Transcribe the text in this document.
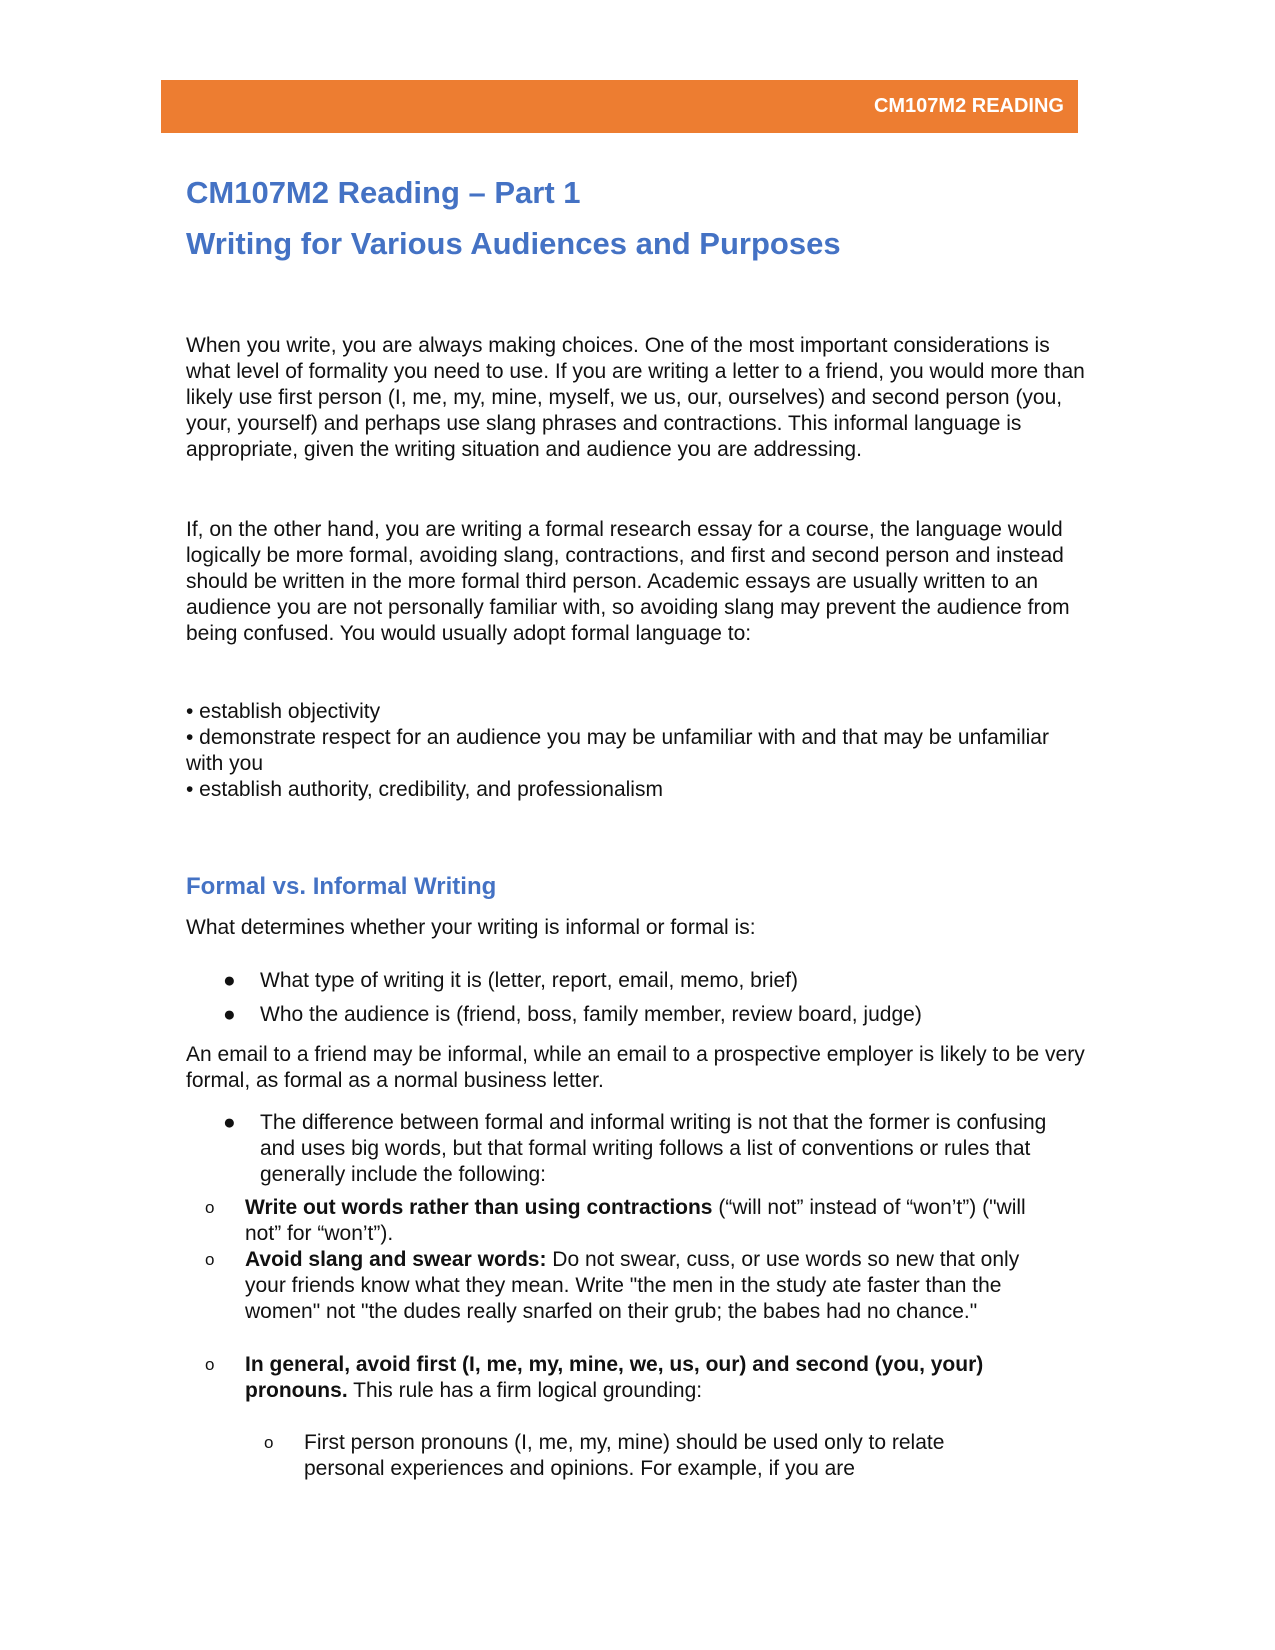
CM107M2 READING
CM107M2 Reading – Part 1
Writing for Various Audiences and Purposes

When you write, you are always making choices. One of the most important considerations is what level of formality you need to use. If you are writing a letter to a friend, you would more than likely use first person (I, me, my, mine, myself, we us, our, ourselves) and second person (you, your, yourself) and perhaps use slang phrases and contractions. This informal language is appropriate, given the writing situation and audience you are addressing.

If, on the other hand, you are writing a formal research essay for a course, the language would logically be more formal, avoiding slang, contractions, and first and second person and instead should be written in the more formal third person. Academic essays are usually written to an audience you are not personally familiar with, so avoiding slang may prevent the audience from being confused. You would usually adopt formal language to:

• establish objectivity
• demonstrate respect for an audience you may be unfamiliar with and that may be unfamiliar with you
• establish authority, credibility, and professionalism
Formal vs. Informal Writing

What determines whether your writing is informal or formal is:

● What type of writing it is (letter, report, email, memo, brief)
● Who the audience is (friend, boss, family member, review board, judge)

An email to a friend may be informal, while an email to a prospective employer is likely to be very formal, as formal as a normal business letter.

● The difference between formal and informal writing is not that the former is confusing and uses big words, but that formal writing follows a list of conventions or rules that generally include the following:
o Write out words rather than using contractions (“will not” instead of “won’t”) ("will not” for “won’t”).
o Avoid slang and swear words: Do not swear, cuss, or use words so new that only your friends know what they mean. Write "the men in the study ate faster than the women" not "the dudes really snarfed on their grub; the babes had no chance."
o In general, avoid first (I, me, my, mine, we, us, our) and second (you, your) pronouns. This rule has a firm logical grounding:
o First person pronouns (I, me, my, mine) should be used only to relate personal experiences and opinions. For example, if you are
